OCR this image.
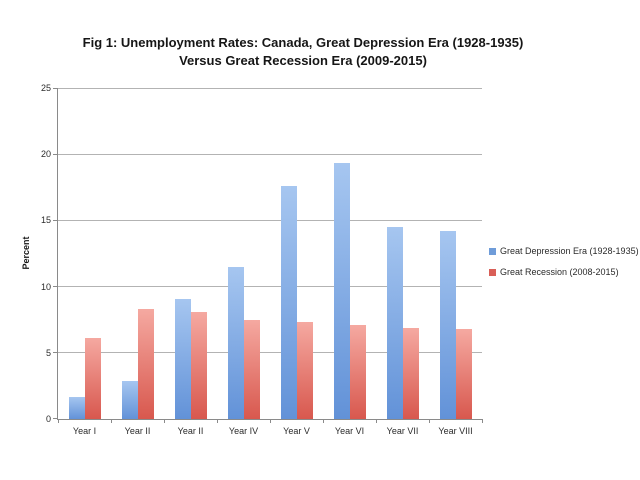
Fig 1: Unemployment Rates: Canada, Great Depression Era (1928-1935)
Versus Great Recession Era (2009-2015)
Percent
0
5
10
15
20
25
Year I	Year II	Year II	Year IV	Year V	Year VI	Year VII Year VIII
Great Depression Era (1928-1935)
Great Recession (2008-2015)
